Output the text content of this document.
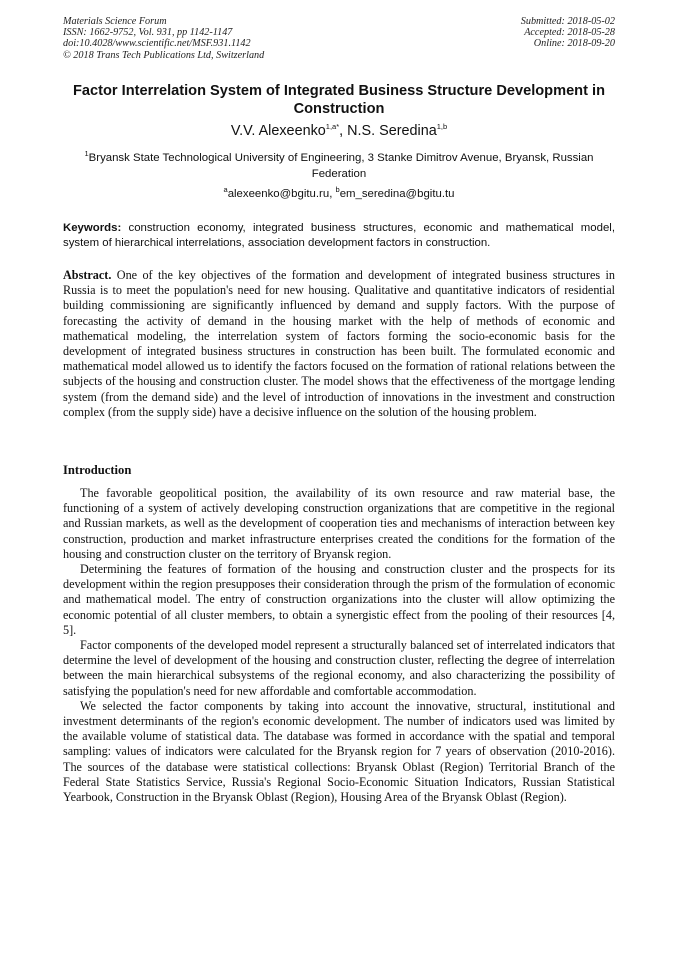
Materials Science Forum
ISSN: 1662-9752, Vol. 931, pp 1142-1147
doi:10.4028/www.scientific.net/MSF.931.1142
© 2018 Trans Tech Publications Ltd, Switzerland
Submitted: 2018-05-02
Accepted: 2018-05-28
Online: 2018-09-20
Factor Interrelation System of Integrated Business Structure Development in Construction
V.V. Alexeenko$^{1,a*}$, N.S. Seredina$^{1,b}$
$^1$Bryansk State Technological University of Engineering, 3 Stanke Dimitrov Avenue, Bryansk, Russian Federation
$^a$alexeenko@bgitu.ru, $^b$em_seredina@bgitu.tu
Keywords: construction economy, integrated business structures, economic and mathematical model, system of hierarchical interrelations, association development factors in construction.

Abstract. One of the key objectives of the formation and development of integrated business structures in Russia is to meet the population's need for new housing. Qualitative and quantitative indicators of residential building commissioning are significantly influenced by demand and supply factors. With the purpose of forecasting the activity of demand in the housing market with the help of methods of economic and mathematical modeling, the interrelation system of factors forming the socio-economic basis for the development of integrated business structures in construction has been built. The formulated economic and mathematical model allowed us to identify the factors focused on the formation of rational relations between the subjects of the housing and construction cluster. The model shows that the effectiveness of the mortgage lending system (from the demand side) and the level of introduction of innovations in the investment and construction complex (from the supply side) have a decisive influence on the solution of the housing problem.

Introduction

The favorable geopolitical position, the availability of its own resource and raw material base, the functioning of a system of actively developing construction organizations that are competitive in the regional and Russian markets, as well as the development of cooperation ties and mechanisms of interaction between key construction, production and market infrastructure enterprises created the conditions for the formation of the housing and construction cluster on the territory of Bryansk region.

Determining the features of formation of the housing and construction cluster and the prospects for its development within the region presupposes their consideration through the prism of the formulation of economic and mathematical model. The entry of construction organizations into the cluster will allow optimizing the economic potential of all cluster members, to obtain a synergistic effect from the pooling of their resources [4, 5].

Factor components of the developed model represent a structurally balanced set of interrelated indicators that determine the level of development of the housing and construction cluster, reflecting the degree of interrelation between the main hierarchical subsystems of the regional economy, and also characterizing the possibility of satisfying the population's need for new affordable and comfortable accommodation.

We selected the factor components by taking into account the innovative, structural, institutional and investment determinants of the region's economic development. The number of indicators used was limited by the available volume of statistical data. The database was formed in accordance with the spatial and temporal sampling: values of indicators were calculated for the Bryansk region for 7 years of observation (2010-2016). The sources of the database were statistical collections: Bryansk Oblast (Region) Territorial Branch of the Federal State Statistics Service, Russia's Regional Socio-Economic Situation Indicators, Russian Statistical Yearbook, Construction in the Bryansk Oblast (Region), Housing Area of the Bryansk Oblast (Region).
